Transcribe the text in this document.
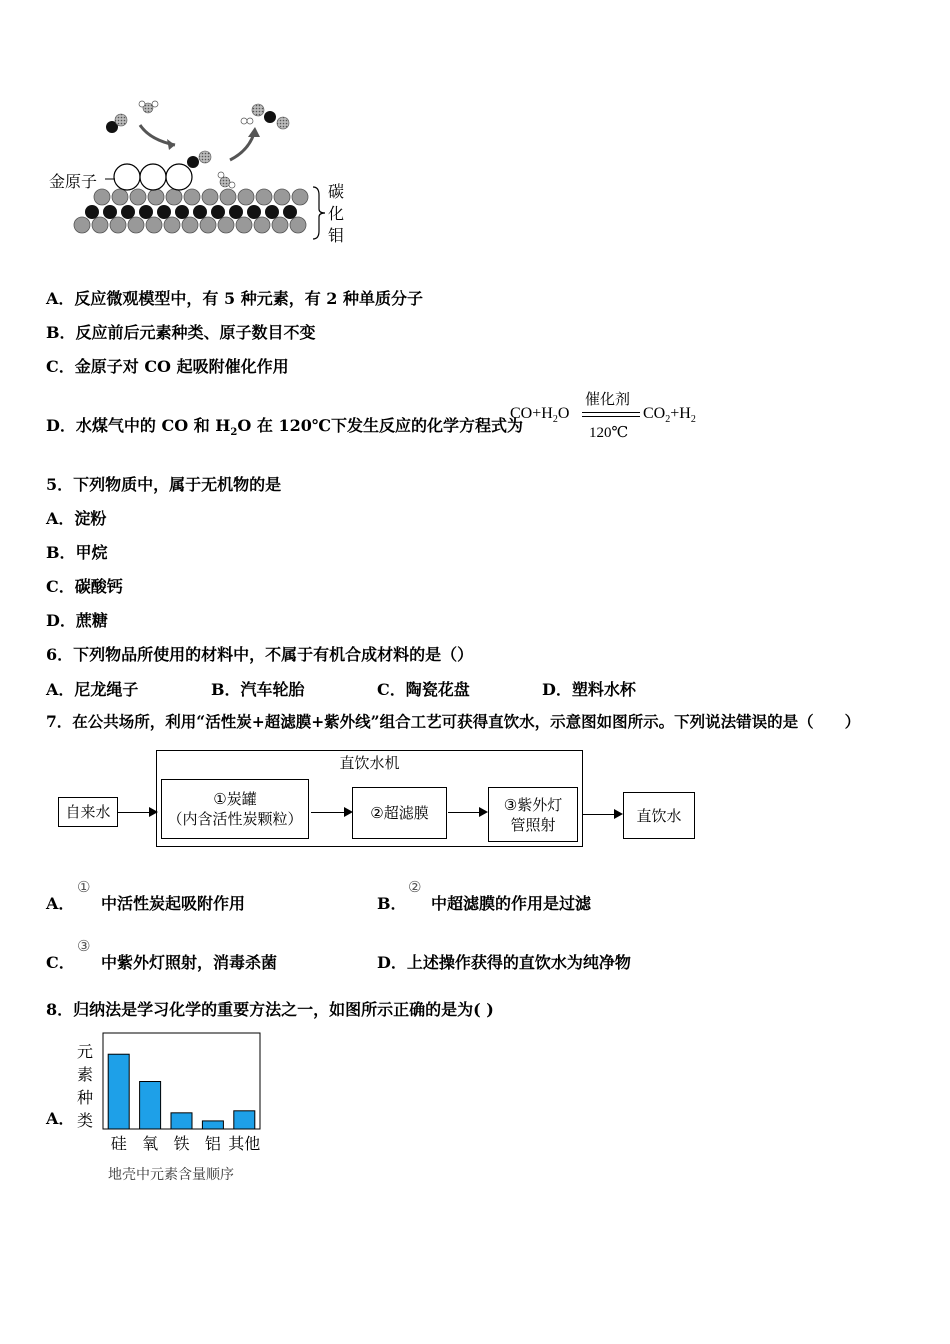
金原子
碳
化
钼
A．反应微观模型中，有 5 种元素，有 2 种单质分子
B．反应前后元素种类、原子数目不变
C．金原子对 CO 起吸附催化作用
D．水煤气中的 CO 和 $H_2O$ 在 120℃下发生反应的化学方程式为
$CO+H_2O$
催化剂
120℃
$CO_2+H_2$
5．下列物质中，属于无机物的是
A．淀粉
B．甲烷
C．碳酸钙
D．蔗糖
6．下列物品所使用的材料中，不属于有机合成材料的是（）
A．尼龙绳子	B．汽车轮胎	C．陶瓷花盘	D．塑料水杯
7．在公共场所，利用“活性炭+超滤膜+紫外线”组合工艺可获得直饮水，示意图如图所示。下列说法错误的是（　　）
直饮水机
自来水
①炭罐
（内含活性炭颗粒）	②超滤膜	③紫外灯
管照射	直饮水
A．
①
中活性炭起吸附作用	B．
②
中超滤膜的作用是过滤
C．
③
中紫外灯照射，消毒杀菌	D．上述操作获得的直饮水为纯净物
8．归纳法是学习化学的重要方法之一，如图所示正确的是为( )
A．
硅 氧 铁 铝 其他
元
素
种
类
地壳中元素含量顺序
